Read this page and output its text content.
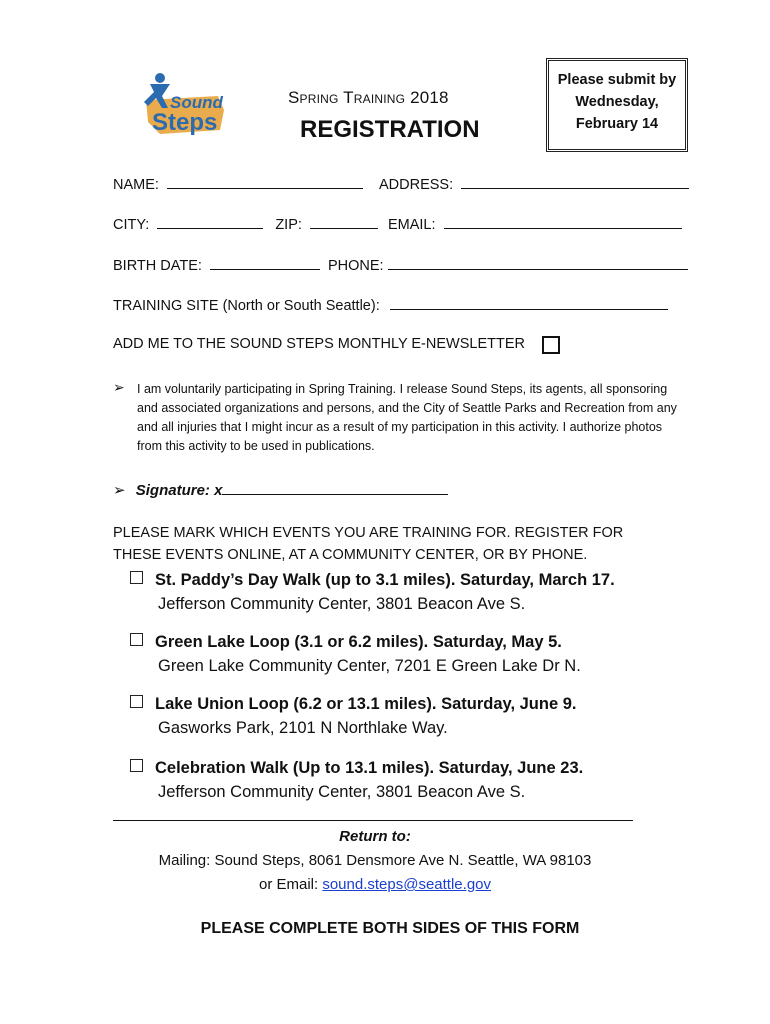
Sound
Steps
Spring Training 2018
REGISTRATION
Please submit by
Wednesday,
February 14
NAME:	ADDRESS:
CITY:	ZIP:	EMAIL:
BIRTH DATE:	PHONE:
TRAINING SITE (North or South Seattle):
ADD ME TO THE SOUND STEPS MONTHLY E-NEWSLETTER
➢ I am voluntarily participating in Spring Training. I release Sound Steps, its agents, all sponsoring and associated organizations and persons, and the City of Seattle Parks and Recreation from any and all injuries that I might incur as a result of my participation in this activity. I authorize photos from this activity to be used in publications.
➢ Signature: x
PLEASE MARK WHICH EVENTS YOU ARE TRAINING FOR. REGISTER FOR THESE EVENTS ONLINE, AT A COMMUNITY CENTER, OR BY PHONE.
St. Paddy’s Day Walk (up to 3.1 miles). Saturday, March 17.
Jefferson Community Center, 3801 Beacon Ave S.
Green Lake Loop (3.1 or 6.2 miles). Saturday, May 5.
Green Lake Community Center, 7201 E Green Lake Dr N.
Lake Union Loop (6.2 or 13.1 miles). Saturday, June 9.
Gasworks Park, 2101 N Northlake Way.
Celebration Walk (Up to 13.1 miles). Saturday, June 23.
Jefferson Community Center, 3801 Beacon Ave S.
Return to:
Mailing: Sound Steps, 8061 Densmore Ave N. Seattle, WA 98103
or Email: sound.steps@seattle.gov
PLEASE COMPLETE BOTH SIDES OF THIS FORM
